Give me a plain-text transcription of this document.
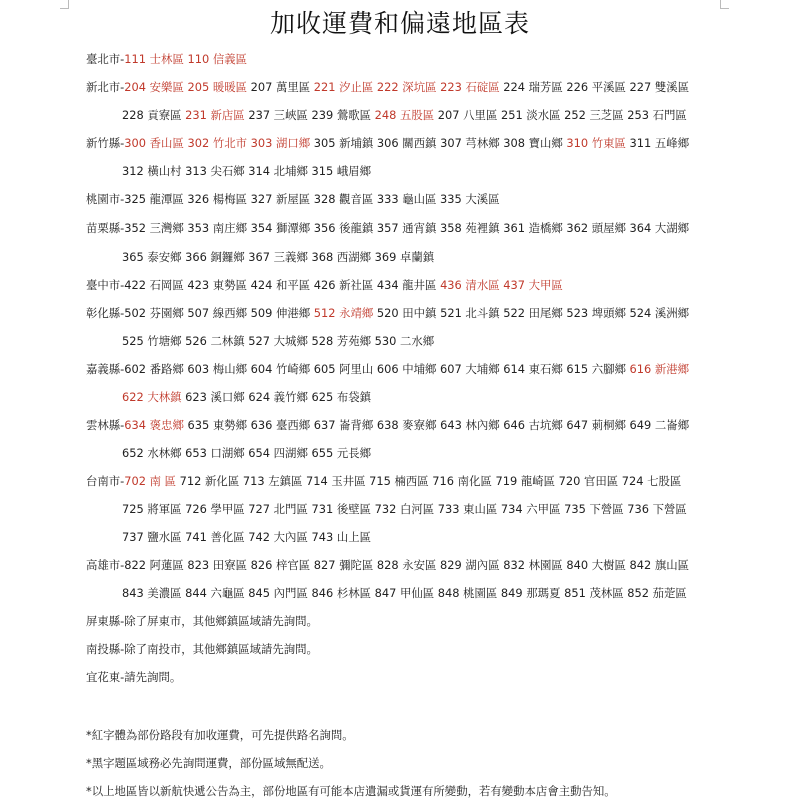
加收運費和偏遠地區表
臺北市-111 士林區 110 信義區
新北市-204 安樂區 205 暖暖區 207 萬里區 221 汐止區 222 深坑區 223 石碇區 224 瑞芳區 226 平溪區 227 雙溪區
228 貢寮區 231 新店區 237 三峽區 239 鶯歌區 248 五股區 207 八里區 251 淡水區 252 三芝區 253 石門區
新竹縣-300 香山區 302 竹北市 303 湖口鄉 305 新埔鎮 306 關西鎮 307 芎林鄉 308 寶山鄉 310 竹東區 311 五峰鄉
312 橫山村 313 尖石鄉 314 北埔鄉 315 峨眉鄉
桃園市-325 龍潭區 326 楊梅區 327 新屋區 328 觀音區 333 龜山區 335 大溪區
苗栗縣-352 三灣鄉 353 南庄鄉 354 獅潭鄉 356 後龍鎮 357 通宵鎮 358 苑裡鎮 361 造橋鄉 362 頭屋鄉 364 大湖鄉
365 泰安鄉 366 銅鑼鄉 367 三義鄉 368 西湖鄉 369 卓蘭鎮
臺中市-422 石岡區 423 東勢區 424 和平區 426 新社區 434 龍井區 436 清水區 437 大甲區
彰化縣-502 芬園鄉 507 線西鄉 509 伸港鄉 512 永靖鄉 520 田中鎮 521 北斗鎮 522 田尾鄉 523 埤頭鄉 524 溪洲鄉
525 竹塘鄉 526 二林鎮 527 大城鄉 528 芳苑鄉 530 二水鄉
嘉義縣-602 番路鄉 603 梅山鄉 604 竹崎鄉 605 阿里山 606 中埔鄉 607 大埔鄉 614 東石鄉 615 六腳鄉 616 新港鄉
622 大林鎮 623 溪口鄉 624 義竹鄉 625 布袋鎮
雲林縣-634 褒忠鄉 635 東勢鄉 636 臺西鄉 637 崙背鄉 638 麥寮鄉 643 林內鄉 646 古坑鄉 647 莿桐鄉 649 二崙鄉
652 水林鄉 653 口湖鄉 654 四湖鄉 655 元長鄉
台南市-702 南 區 712 新化區 713 左鎮區 714 玉井區 715 楠西區 716 南化區 719 龍崎區 720 官田區 724 七股區
725 將軍區 726 學甲區 727 北門區 731 後壁區 732 白河區 733 東山區 734 六甲區 735 下營區 736 下營區
737 鹽水區 741 善化區 742 大內區 743 山上區
高雄市-822 阿蓮區 823 田寮區 826 梓官區 827 彌陀區 828 永安區 829 湖內區 832 林園區 840 大樹區 842 旗山區
843 美濃區 844 六龜區 845 內門區 846 杉林區 847 甲仙區 848 桃園區 849 那瑪夏 851 茂林區 852 茄萣區
屏東縣-除了屏東市，其他鄉鎮區域請先詢問。
南投縣-除了南投市，其他鄉鎮區域請先詢問。
宜花東-請先詢問。
*紅字體為部份路段有加收運費，可先提供路名詢問。
*黑字題區域務必先詢問運費，部份區域無配送。
*以上地區皆以新航快遞公告為主，部份地區有可能本店遺漏或貨運有所變動，若有變動本店會主動告知。
